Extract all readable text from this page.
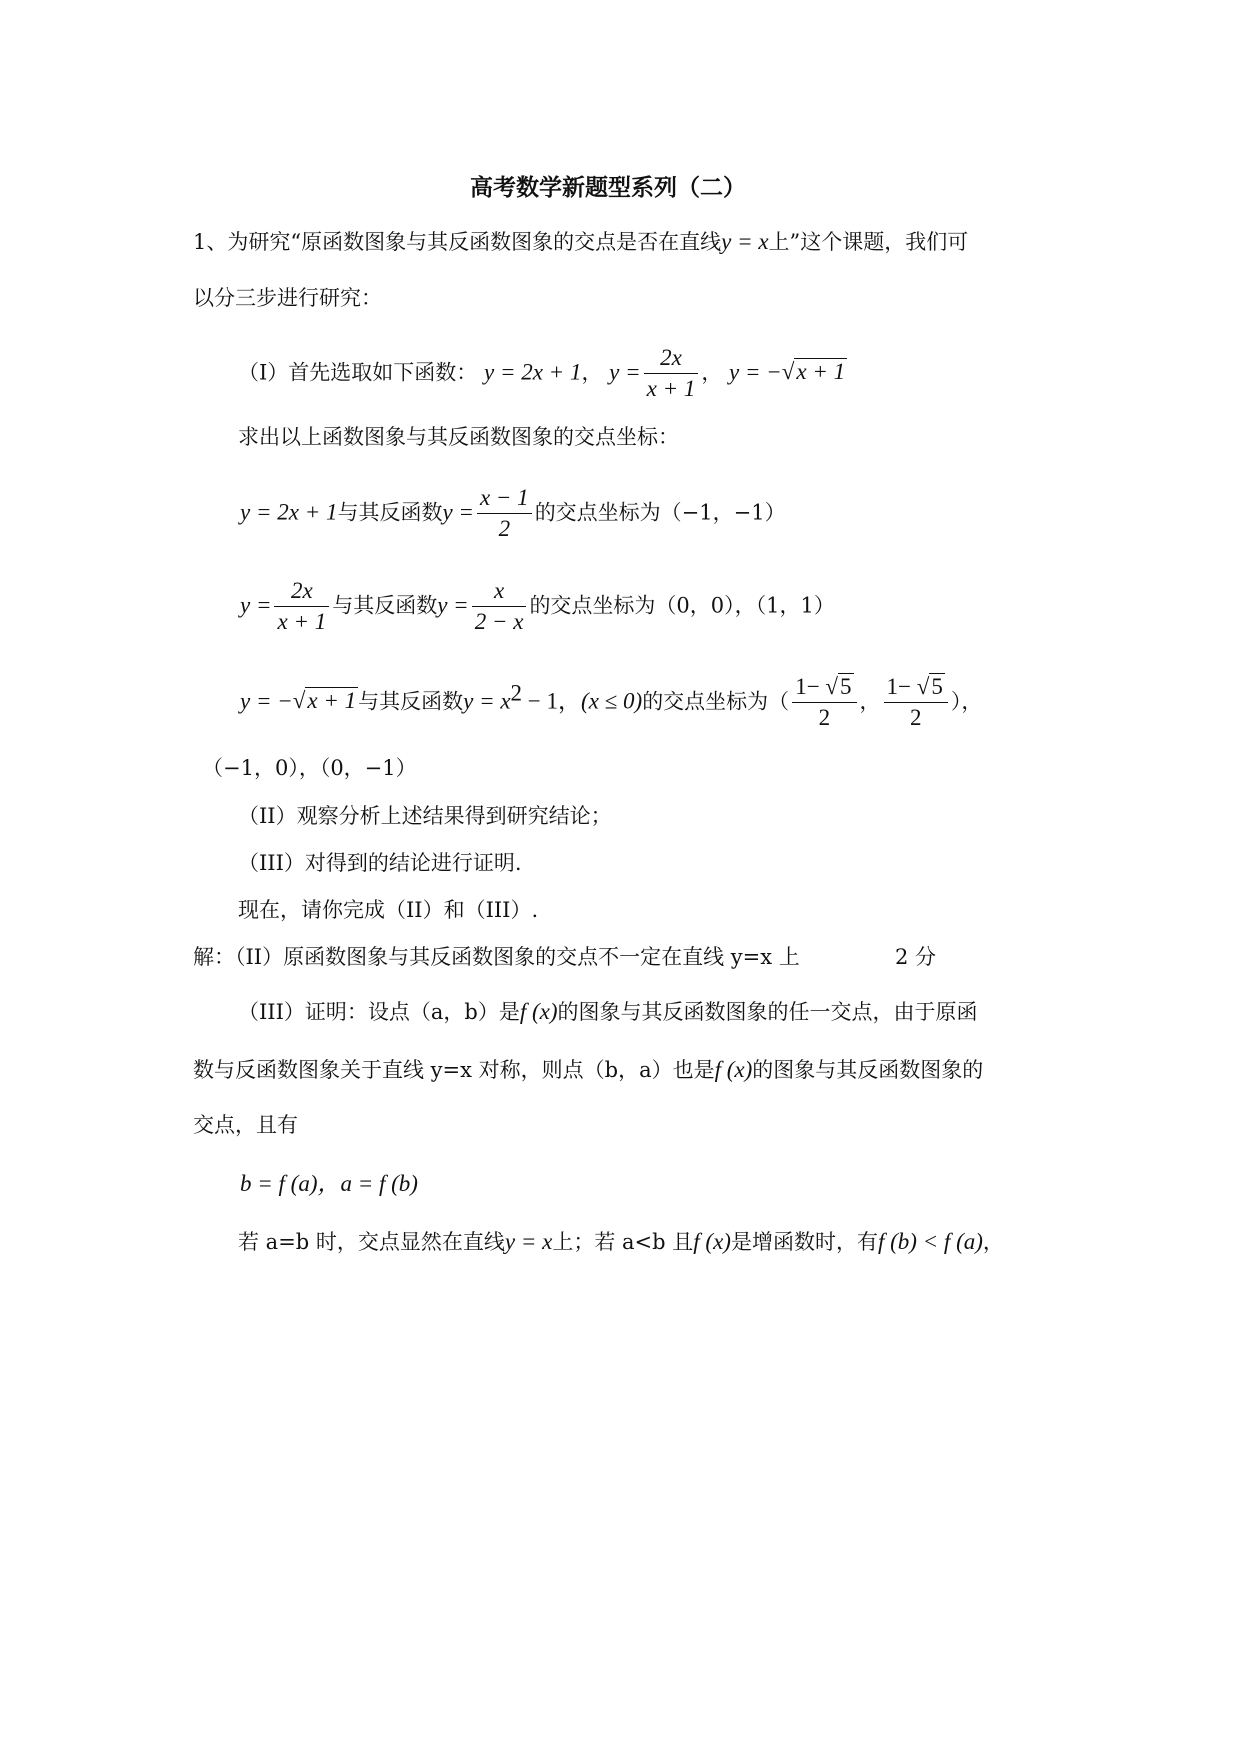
高考数学新题型系列（二）
1、为研究“原函数图象与其反函数图象的交点是否在直线y = x上”这个课题，我们可
以分三步进行研究：
（I）首先选取如下函数： y = 2x + 1， $y = \frac{2x}{x + 1}$ ， y = −√x + 1
求出以上函数图象与其反函数图象的交点坐标：
y = 2x + 1与其反函数$y = \frac{x - 1}{2}$ 的交点坐标为（−1，−1）
$y = \frac{2x}{x + 1}$ 与其反函数$y = \frac{x}{2 - x}$ 的交点坐标为（0，0），（1，1）
y = −√x + 1与其反函数$y = x^2 - 1$，(x ≤ 0)的交点坐标为（ $\frac{1- √5}{2}$ ， $\frac{1- √5}{2}$ ），
（−1，0），（0，−1）
（II）观察分析上述结果得到研究结论；
（III）对得到的结论进行证明.
现在，请你完成（II）和（III）.
解：（II）原函数图象与其反函数图象的交点不一定在直线 y=x 上	2 分
（III）证明：设点（a，b）是f (x)的图象与其反函数图象的任一交点，由于原函
数与反函数图象关于直线 y=x 对称，则点（b，a）也是f (x)的图象与其反函数图象的
交点，且有
b = f (a)，a = f (b)
若 a=b 时，交点显然在直线y = x上；若 a<b 且f (x)是增函数时，有f (b) < f (a)，
